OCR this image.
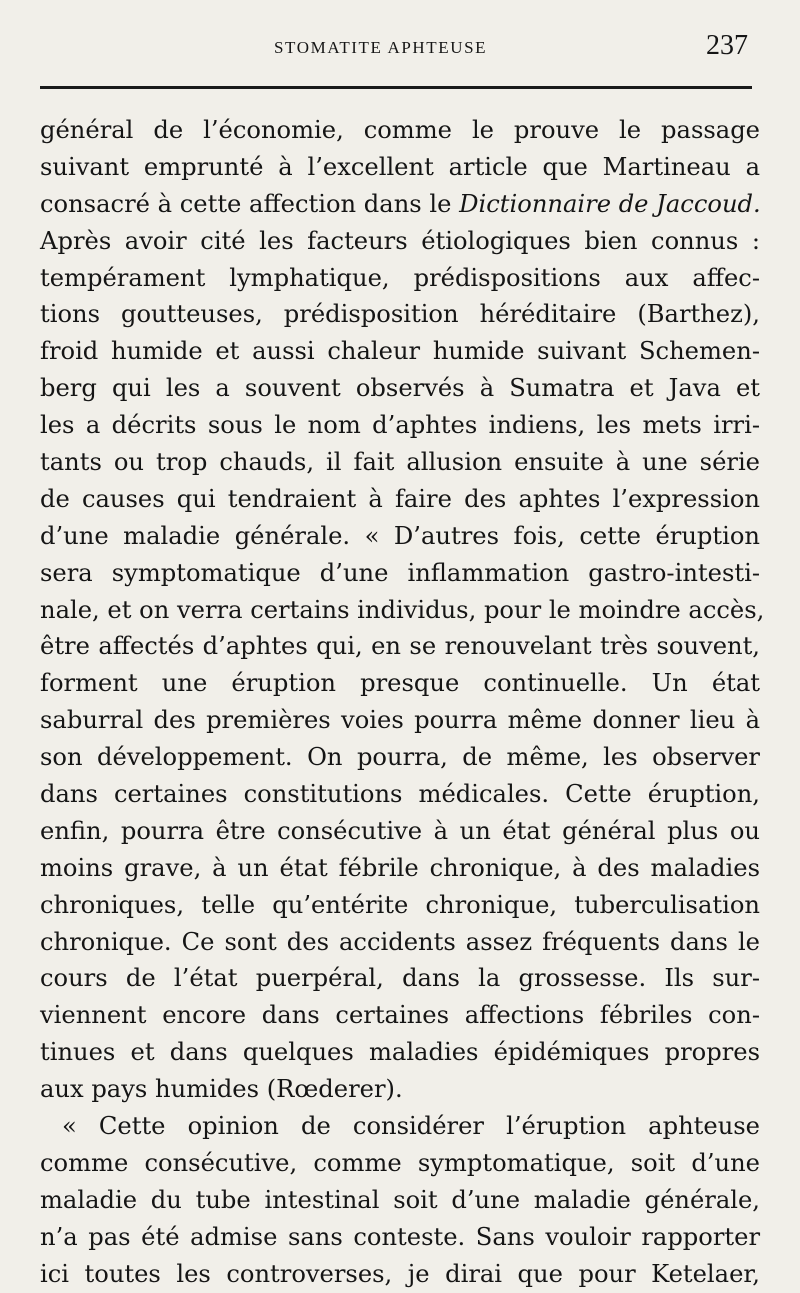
STOMATITE APHTEUSE	237
général de l’économie, comme le prouve le passage
suivant emprunté à l’excellent article que Martineau a
consacré à cette affection dans le Dictionnaire de Jaccoud.
Après avoir cité les facteurs étiologiques bien connus :
tempérament lymphatique, prédispositions aux affec-
tions goutteuses, prédisposition héréditaire (Barthez),
froid humide et aussi chaleur humide suivant Schemen-
berg qui les a souvent observés à Sumatra et Java et
les a décrits sous le nom d’aphtes indiens, les mets irri-
tants ou trop chauds, il fait allusion ensuite à une série
de causes qui tendraient à faire des aphtes l’expression
d’une maladie générale. « D’autres fois, cette éruption
sera symptomatique d’une inflammation gastro-intesti-
nale, et on verra certains individus, pour le moindre accès,
être affectés d’aphtes qui, en se renouvelant très souvent,
forment une éruption presque continuelle. Un état
saburral des premières voies pourra même donner lieu à
son développement. On pourra, de même, les observer
dans certaines constitutions médicales. Cette éruption,
enfin, pourra être consécutive à un état général plus ou
moins grave, à un état fébrile chronique, à des maladies
chroniques, telle qu’entérite chronique, tuberculisation
chronique. Ce sont des accidents assez fréquents dans le
cours de l’état puerpéral, dans la grossesse. Ils sur-
viennent encore dans certaines affections fébriles con-
tinues et dans quelques maladies épidémiques propres
aux pays humides (Rœderer).
« Cette opinion de considérer l’éruption aphteuse
comme consécutive, comme symptomatique, soit d’une
maladie du tube intestinal soit d’une maladie générale,
n’a pas été admise sans conteste. Sans vouloir rapporter
ici toutes les controverses, je dirai que pour Ketelaer,
